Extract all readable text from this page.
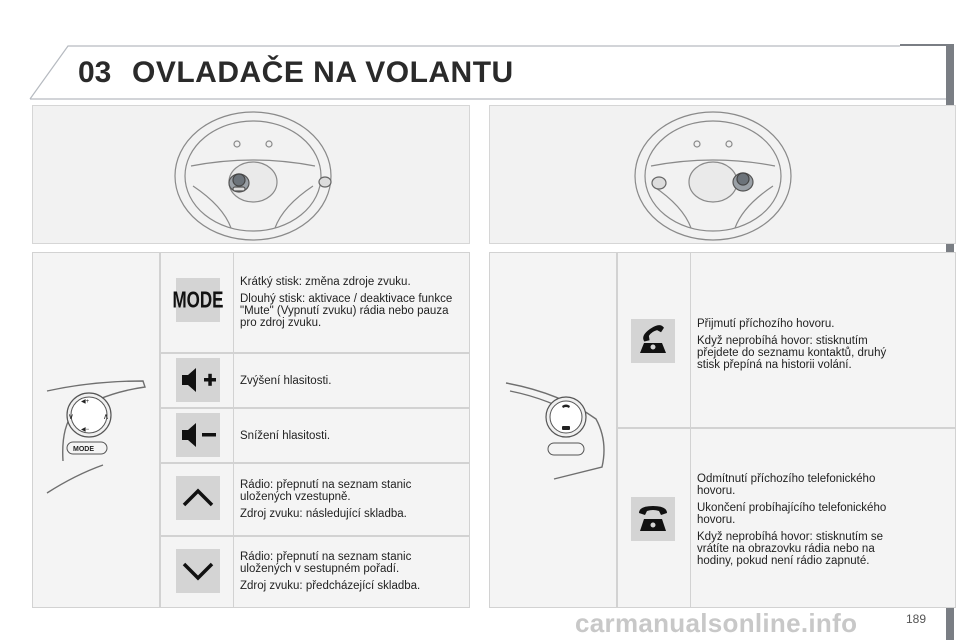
03 OVLADAČE NA VOLANTU
◀+
◀−
∨	∧
MODE
MODE

Krátký stisk: změna zdroje zvuku.

Dlouhý stisk: aktivace / deaktivace funkce "Mute" (Vypnutí zvuku) rádia nebo pauza pro zdroj zvuku.

Zvýšení hlasitosti.

Snížení hlasitosti.

Rádio: přepnutí na seznam stanic uložených vzestupně.

Zdroj zvuku: následující skladba.

Rádio: přepnutí na seznam stanic uložených v sestupném pořadí.

Zdroj zvuku: předcházející skladba.

Přijmutí příchozího hovoru.

Když neprobíhá hovor: stisknutím přejdete do seznamu kontaktů, druhý stisk přepíná na historii volání.

Odmítnutí příchozího telefonického hovoru.

Ukončení probíhajícího telefonického hovoru.

Když neprobíhá hovor: stisknutím se vrátíte na obrazovku rádia nebo na hodiny, pokud není rádio zapnuté.

carmanualsonline.info	189
